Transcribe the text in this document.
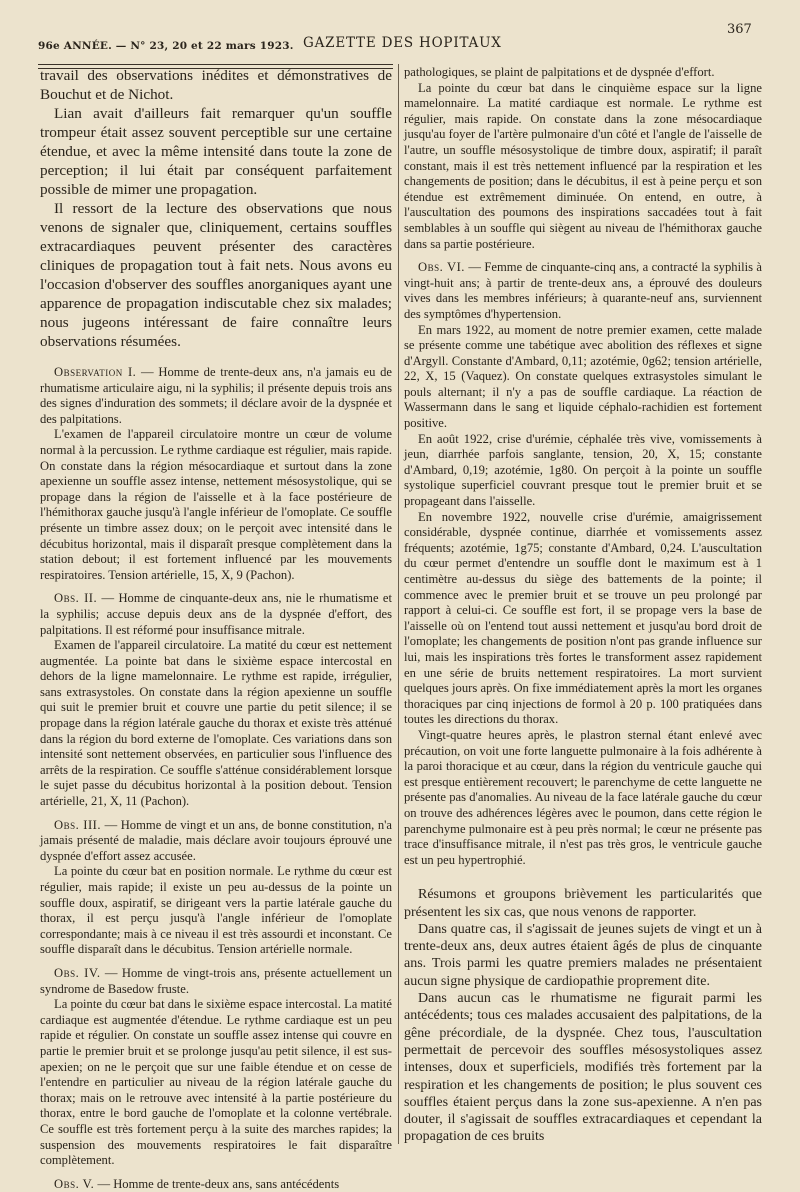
96e ANNÉE. — N° 23, 20 et 22 mars 1923. GAZETTE DES HOPITAUX
367

travail des observations inédites et démonstratives de Bouchut et de Nichot.

Lian avait d'ailleurs fait remarquer qu'un souffle trompeur était assez souvent perceptible sur une certaine étendue, et avec la même intensité dans toute la zone de perception; il lui était par conséquent parfaitement possible de mimer une propagation.

Il ressort de la lecture des observations que nous venons de signaler que, cliniquement, certains souffles extracardiaques peuvent présenter des caractères cliniques de propagation tout à fait nets. Nous avons eu l'occasion d'observer des souffles anorganiques ayant une apparence de propagation indiscutable chez six malades; nous jugeons intéressant de faire connaître leurs observations résumées.

Observation I. — Homme de trente-deux ans, n'a jamais eu de rhumatisme articulaire aigu, ni la syphilis; il présente depuis trois ans des signes d'induration des sommets; il déclare avoir de la dyspnée et des palpitations.

L'examen de l'appareil circulatoire montre un cœur de volume normal à la percussion. Le rythme cardiaque est régulier, mais rapide. On constate dans la région mésocardiaque et surtout dans la zone apexienne un souffle assez intense, nettement mésosystolique, qui se propage dans la région de l'aisselle et à la face postérieure de l'hémithorax gauche jusqu'à l'angle inférieur de l'omoplate. Ce souffle présente un timbre assez doux; on le perçoit avec intensité dans le décubitus horizontal, mais il disparaît presque complètement dans la station debout; il est fortement influencé par les mouvements respiratoires. Tension artérielle, 15, X, 9 (Pachon).

Obs. II. — Homme de cinquante-deux ans, nie le rhumatisme et la syphilis; accuse depuis deux ans de la dyspnée d'effort, des palpitations. Il est réformé pour insuffisance mitrale.

Examen de l'appareil circulatoire. La matité du cœur est nettement augmentée. La pointe bat dans le sixième espace intercostal en dehors de la ligne mamelonnaire. Le rythme est rapide, irrégulier, sans extrasystoles. On constate dans la région apexienne un souffle qui suit le premier bruit et couvre une partie du petit silence; il se propage dans la région latérale gauche du thorax et existe très atténué dans la région du bord externe de l'omoplate. Ces variations dans son intensité sont nettement observées, en particulier sous l'influence des arrêts de la respiration. Ce souffle s'atténue considérablement lorsque le sujet passe du décubitus horizontal à la position debout. Tension artérielle, 21, X, 11 (Pachon).

Obs. III. — Homme de vingt et un ans, de bonne constitution, n'a jamais présenté de maladie, mais déclare avoir toujours éprouvé une dyspnée d'effort assez accusée.

La pointe du cœur bat en position normale. Le rythme du cœur est régulier, mais rapide; il existe un peu au-dessus de la pointe un souffle doux, aspiratif, se dirigeant vers la partie latérale gauche du thorax, il est perçu jusqu'à l'angle inférieur de l'omoplate correspondante; mais à ce niveau il est très assourdi et inconstant. Ce souffle disparaît dans le décubitus. Tension artérielle normale.

Obs. IV. — Homme de vingt-trois ans, présente actuellement un syndrome de Basedow fruste.

La pointe du cœur bat dans le sixième espace intercostal. La matité cardiaque est augmentée d'étendue. Le rythme cardiaque est un peu rapide et régulier. On constate un souffle assez intense qui couvre en partie le premier bruit et se prolonge jusqu'au petit silence, il est sus-apexien; on ne le perçoit que sur une faible étendue et on cesse de l'entendre en particulier au niveau de la région latérale gauche du thorax; mais on le retrouve avec intensité à la partie postérieure du thorax, entre le bord gauche de l'omoplate et la colonne vertébrale. Ce souffle est très fortement perçu à la suite des marches rapides; la suspension des mouvements respiratoires le fait disparaître complètement.

Obs. V. — Homme de trente-deux ans, sans antécédents

pathologiques, se plaint de palpitations et de dyspnée d'effort.

La pointe du cœur bat dans le cinquième espace sur la ligne mamelonnaire. La matité cardiaque est normale. Le rythme est régulier, mais rapide. On constate dans la zone mésocardiaque jusqu'au foyer de l'artère pulmonaire d'un côté et l'angle de l'aisselle de l'autre, un souffle mésosystolique de timbre doux, aspiratif; il paraît constant, mais il est très nettement influencé par la respiration et les changements de position; dans le décubitus, il est à peine perçu et son étendue est extrêmement diminuée. On entend, en outre, à l'auscultation des poumons des inspirations saccadées tout à fait semblables à un souffle qui siègent au niveau de l'hémithorax gauche dans sa partie postérieure.

Obs. VI. — Femme de cinquante-cinq ans, a contracté la syphilis à vingt-huit ans; à partir de trente-deux ans, a éprouvé des douleurs vives dans les membres inférieurs; à quarante-neuf ans, surviennent des symptômes d'hypertension.

En mars 1922, au moment de notre premier examen, cette malade se présente comme une tabétique avec abolition des réflexes et signe d'Argyll. Constante d'Ambard, 0,11; azotémie, 0g62; tension artérielle, 22, X, 15 (Vaquez). On constate quelques extrasystoles simulant le pouls alternant; il n'y a pas de souffle cardiaque. La réaction de Wassermann dans le sang et liquide céphalo-rachidien est fortement positive.

En août 1922, crise d'urémie, céphalée très vive, vomissements à jeun, diarrhée parfois sanglante, tension, 20, X, 15; constante d'Ambard, 0,19; azotémie, 1g80. On perçoit à la pointe un souffle systolique superficiel couvrant presque tout le premier bruit et se propageant dans l'aisselle.

En novembre 1922, nouvelle crise d'urémie, amaigrissement considérable, dyspnée continue, diarrhée et vomissements assez fréquents; azotémie, 1g75; constante d'Ambard, 0,24. L'auscultation du cœur permet d'entendre un souffle dont le maximum est à 1 centimètre au-dessus du siège des battements de la pointe; il commence avec le premier bruit et se trouve un peu prolongé par rapport à celui-ci. Ce souffle est fort, il se propage vers la base de l'aisselle où on l'entend tout aussi nettement et jusqu'au bord droit de l'omoplate; les changements de position n'ont pas grande influence sur lui, mais les inspirations très fortes le transforment assez rapidement en une série de bruits nettement respiratoires. La mort survient quelques jours après. On fixe immédiatement après la mort les organes thoraciques par cinq injections de formol à 20 p. 100 pratiquées dans toutes les directions du thorax.

Vingt-quatre heures après, le plastron sternal étant enlevé avec précaution, on voit une forte languette pulmonaire à la fois adhérente à la paroi thoracique et au cœur, dans la région du ventricule gauche qui est presque entièrement recouvert; le parenchyme de cette languette ne présente pas d'anomalies. Au niveau de la face latérale gauche du cœur on trouve des adhérences légères avec le poumon, dans cette région le parenchyme pulmonaire est à peu près normal; le cœur ne présente pas trace d'insuffisance mitrale, il n'est pas très gros, le ventricule gauche est un peu hypertrophié.

Résumons et groupons brièvement les particularités que présentent les six cas, que nous venons de rapporter.

Dans quatre cas, il s'agissait de jeunes sujets de vingt et un à trente-deux ans, deux autres étaient âgés de plus de cinquante ans. Trois parmi les quatre premiers malades ne présentaient aucun signe physique de cardiopathie proprement dite.

Dans aucun cas le rhumatisme ne figurait parmi les antécédents; tous ces malades accusaient des palpitations, de la gêne précordiale, de la dyspnée. Chez tous, l'auscultation permettait de percevoir des souffles mésosystoliques assez intenses, doux et superficiels, modifiés très fortement par la respiration et les changements de position; le plus souvent ces souffles étaient perçus dans la zone sus-apexienne. A n'en pas douter, il s'agissait de souffles extracardiaques et cependant la propagation de ces bruits
